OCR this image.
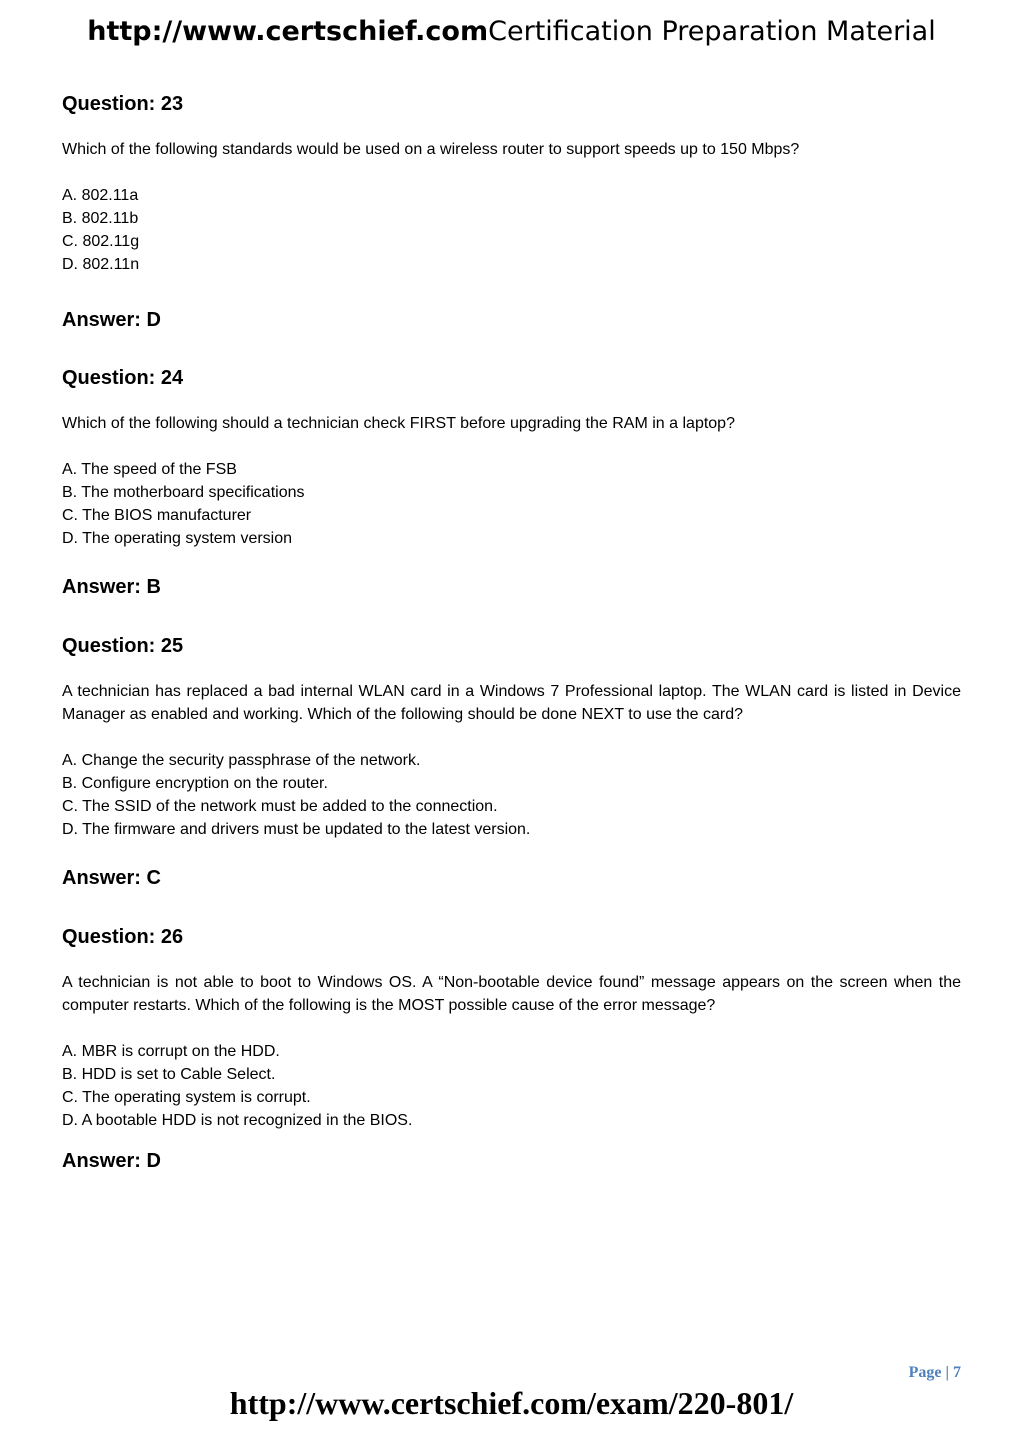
http://www.certschief.comCertification Preparation Material
Question: 23

Which of the following standards would be used on a wireless router to support speeds up to 150 Mbps?

A. 802.11a
B. 802.11b
C. 802.11g
D. 802.11n

Answer: D

Question: 24

Which of the following should a technician check FIRST before upgrading the RAM in a laptop?

A. The speed of the FSB
B. The motherboard specifications
C. The BIOS manufacturer
D. The operating system version

Answer: B

Question: 25

A technician has replaced a bad internal WLAN card in a Windows 7 Professional laptop. The WLAN card is listed in Device Manager as enabled and working. Which of the following should be done NEXT to use the card?

A. Change the security passphrase of the network.
B. Configure encryption on the router.
C. The SSID of the network must be added to the connection.
D. The firmware and drivers must be updated to the latest version.

Answer: C

Question: 26

A technician is not able to boot to Windows OS. A “Non-bootable device found” message appears on the screen when the computer restarts. Which of the following is the MOST possible cause of the error message?

A. MBR is corrupt on the HDD.
B. HDD is set to Cable Select.
C. The operating system is corrupt.
D. A bootable HDD is not recognized in the BIOS.

Answer: D

Page | 7
http://www.certschief.com/exam/220-801/
